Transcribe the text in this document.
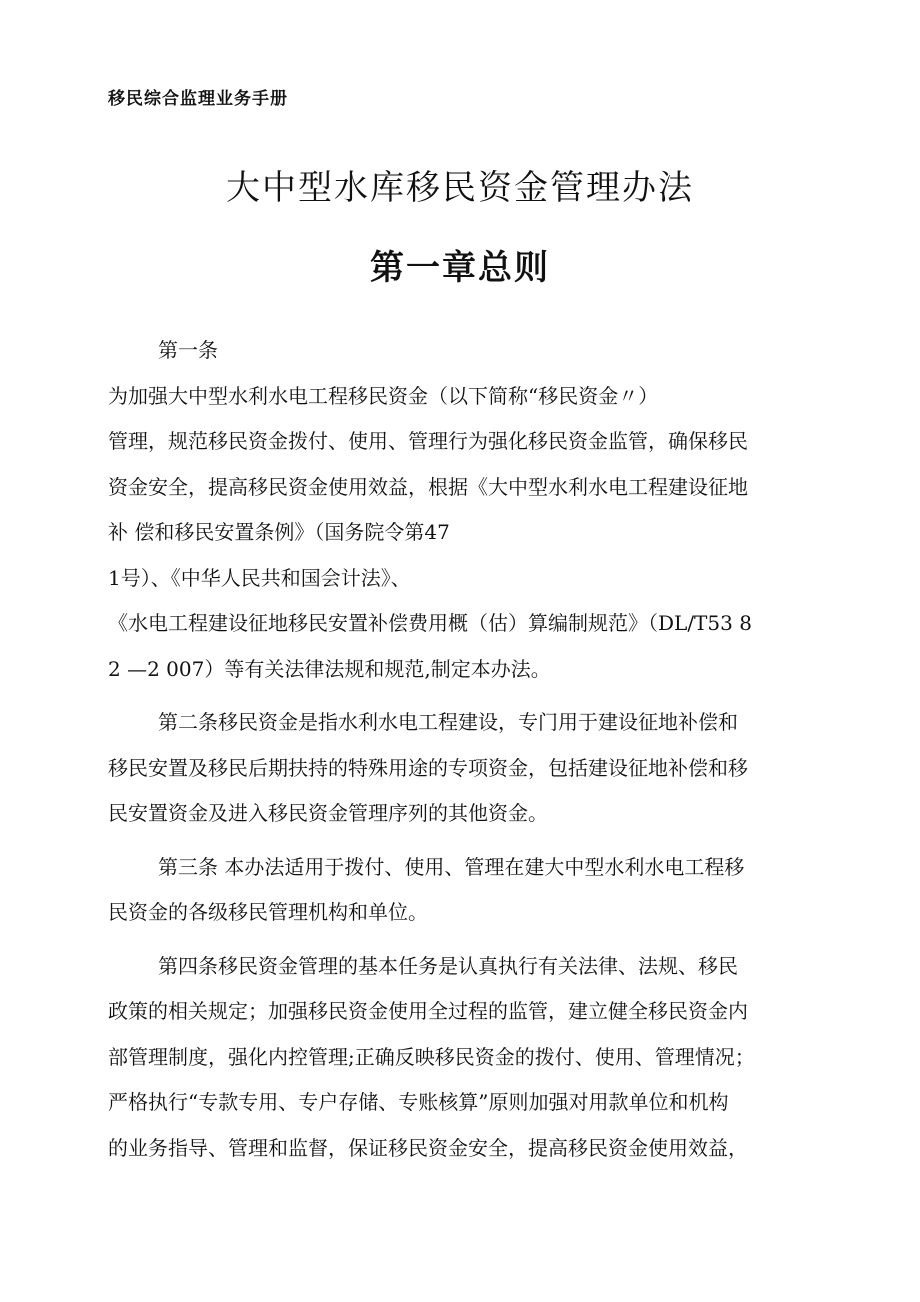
移民综合监理业务手册
大中型水库移民资金管理办法
第一章总则
第一条
为加强大中型水利水电工程移民资金（以下简称“移民资金〃）
管理，规范移民资金拨付、使用、管理行为强化移民资金监管，确保移民
资金安全，提高移民资金使用效益，根据《大中型水利水电工程建设征地
补 偿和移民安置条例》（国务院令第47
1号）、《中华人民共和国会计法》、
《水电工程建设征地移民安置补偿费用概（估）算编制规范》（DL/T53 8
2 —2 007）等有关法律法规和规范,制定本办法。
第二条移民资金是指水利水电工程建设，专门用于建设征地补偿和
移民安置及移民后期扶持的特殊用途的专项资金，包括建设征地补偿和移
民安置资金及进入移民资金管理序列的其他资金。
第三条 本办法适用于拨付、使用、管理在建大中型水利水电工程移
民资金的各级移民管理机构和单位。
第四条移民资金管理的基本任务是认真执行有关法律、法规、移民
政策的相关规定；加强移民资金使用全过程的监管，建立健全移民资金内
部管理制度，强化内控管理;正确反映移民资金的拨付、使用、管理情况；
严格执行“专款专用、专户存储、专账核算”原则加强对用款单位和机构
的业务指导、管理和监督，保证移民资金安全，提高移民资金使用效益，
